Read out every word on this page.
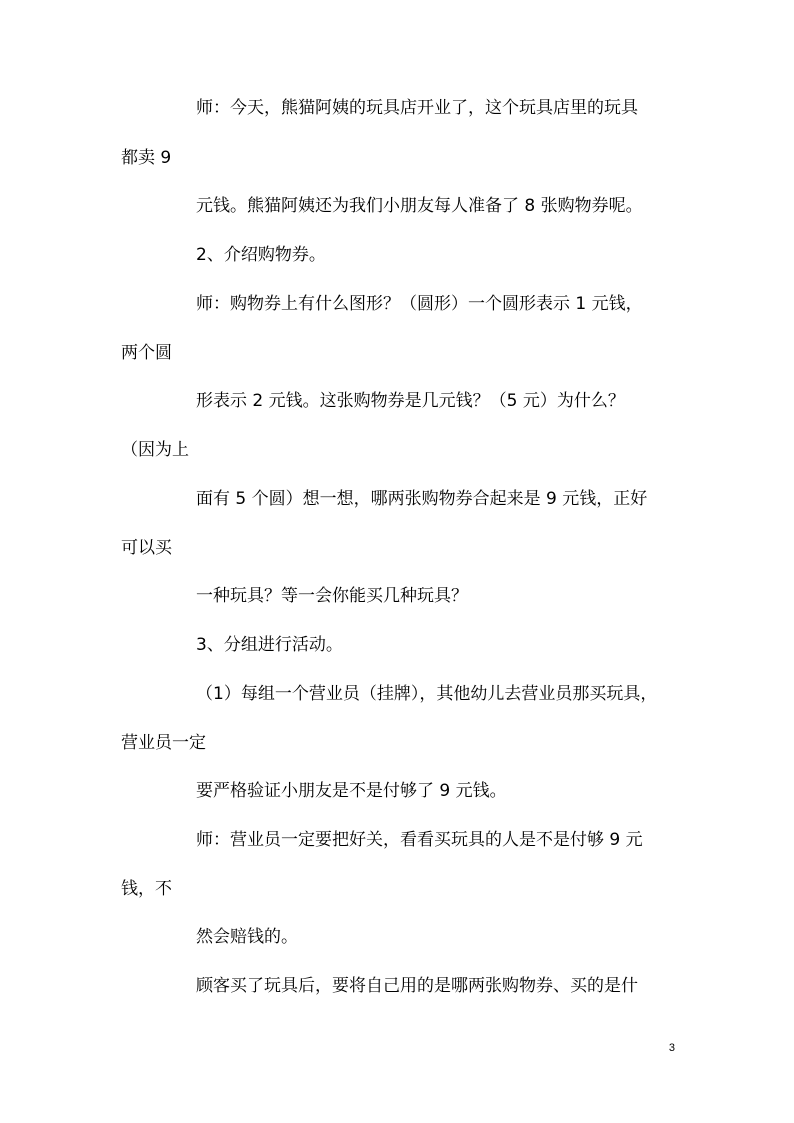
师：今天，熊猫阿姨的玩具店开业了，这个玩具店里的玩具
都卖 9
元钱。熊猫阿姨还为我们小朋友每人准备了 8 张购物券呢。
2、介绍购物券。
师：购物券上有什么图形？（圆形）一个圆形表示 1 元钱，
两个圆
形表示 2 元钱。这张购物券是几元钱？（5 元）为什么？
（因为上
面有 5 个圆）想一想，哪两张购物券合起来是 9 元钱，正好
可以买
一种玩具？等一会你能买几种玩具？
3、分组进行活动。
（1）每组一个营业员（挂牌），其他幼儿去营业员那买玩具，
营业员一定
要严格验证小朋友是不是付够了 9 元钱。
师：营业员一定要把好关，看看买玩具的人是不是付够 9 元
钱，不
然会赔钱的。
顾客买了玩具后，要将自己用的是哪两张购物券、买的是什
3
